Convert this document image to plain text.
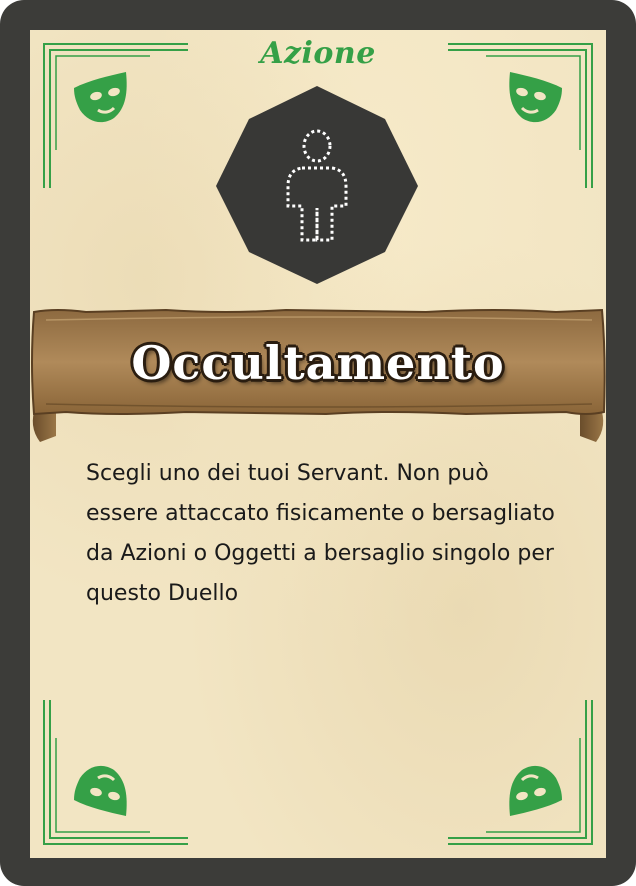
Azione
Occultamento

Scegli uno dei tuoi Servant. Non può essere attaccato fisicamente o bersagliato da Azioni o Oggetti a bersaglio singolo per questo Duello
